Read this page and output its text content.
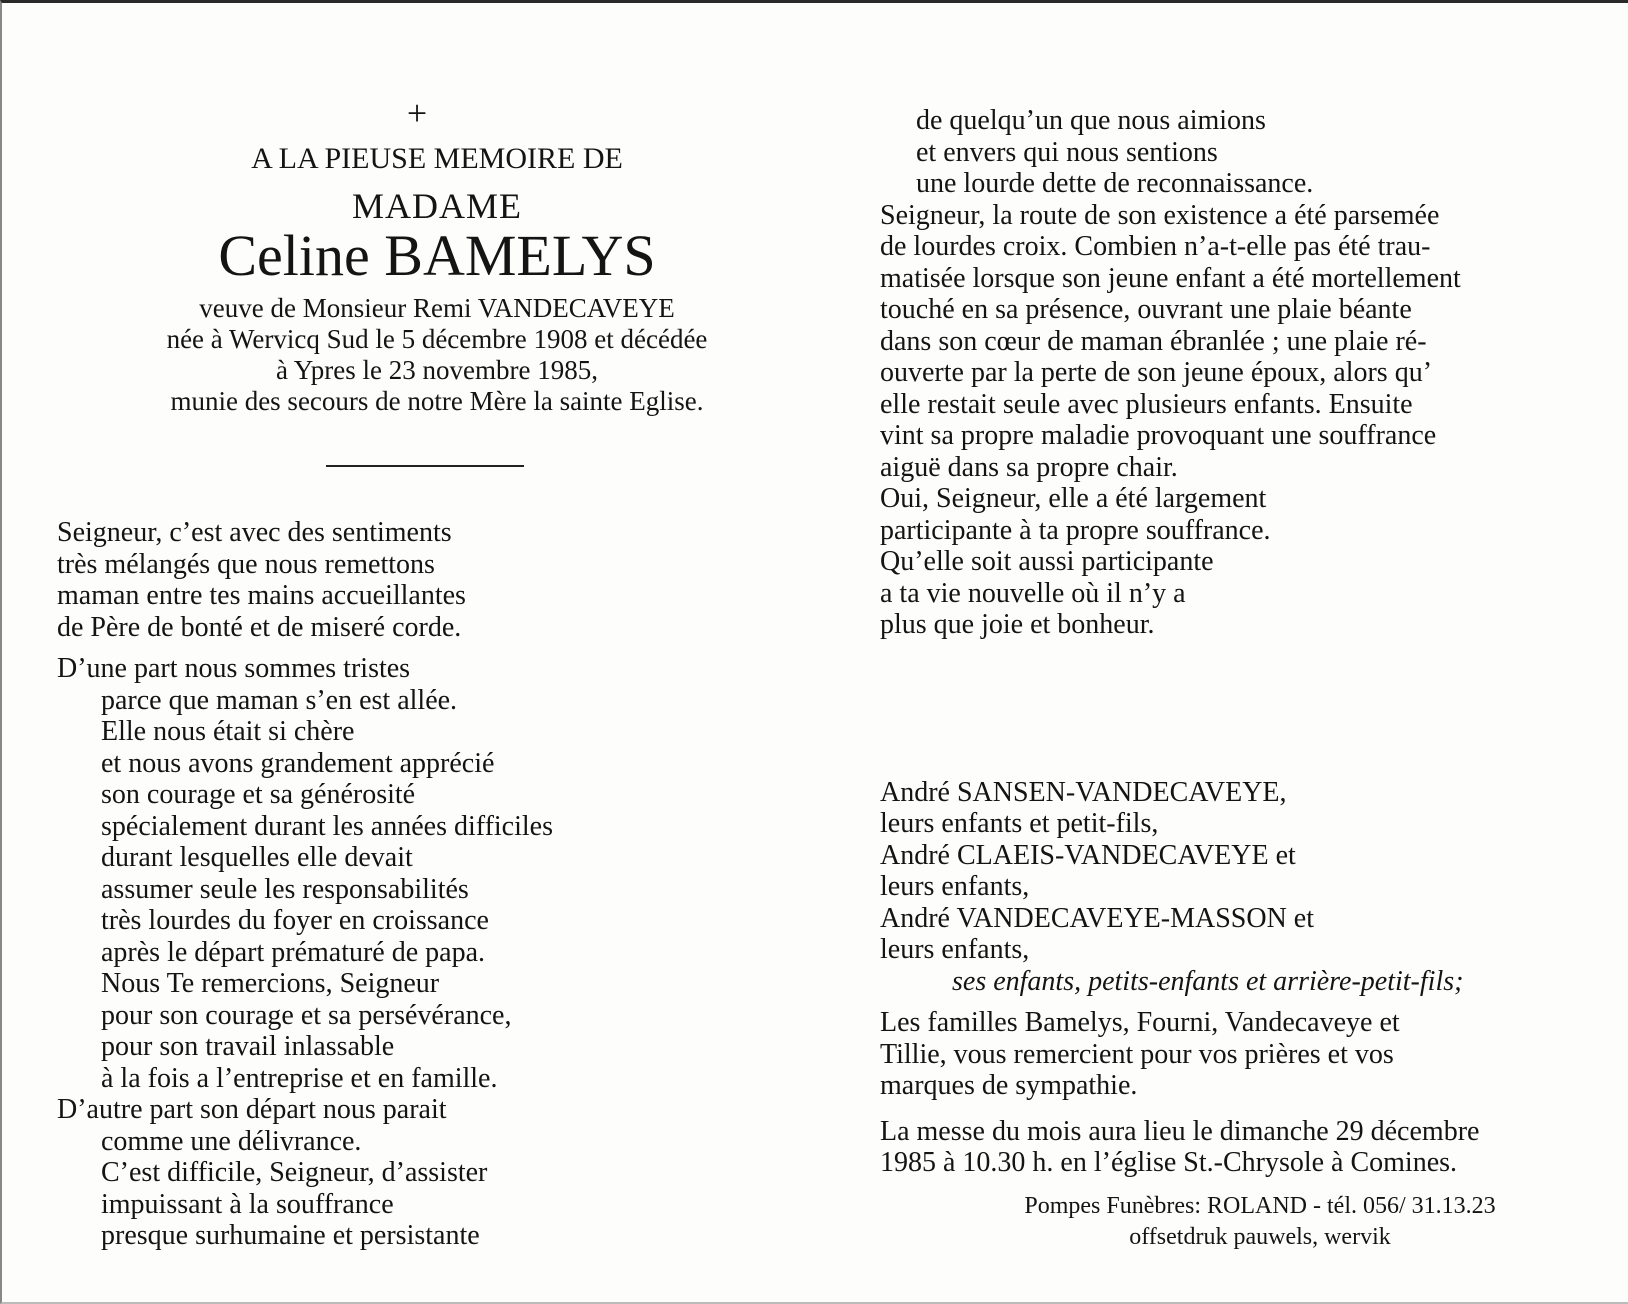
+
A LA PIEUSE MEMOIRE DE
MADAME
Celine BAMELYS
veuve de Monsieur Remi VANDECAVEYE
née à Wervicq Sud le 5 décembre 1908 et décédée
à Ypres le 23 novembre 1985,
munie des secours de notre Mère la sainte Eglise.
Seigneur, c’est avec des sentiments
très mélangés que nous remettons
maman entre tes mains accueillantes
de Père de bonté et de miseré corde.
D’une part nous sommes tristes
parce que maman s’en est allée.
Elle nous était si chère
et nous avons grandement apprécié
son courage et sa générosité
spécialement durant les années difficiles
durant lesquelles elle devait
assumer seule les responsabilités
très lourdes du foyer en croissance
après le départ prématuré de papa.
Nous Te remercions, Seigneur
pour son courage et sa persévérance,
pour son travail inlassable
à la fois a l’entreprise et en famille.
D’autre part son départ nous parait
comme une délivrance.
C’est difficile, Seigneur, d’assister
impuissant à la souffrance
presque surhumaine et persistante
de quelqu’un que nous aimions
et envers qui nous sentions
une lourde dette de reconnaissance.
Seigneur, la route de son existence a été parsemée
de lourdes croix. Combien n’a-t-elle pas été trau-
matisée lorsque son jeune enfant a été mortellement
touché en sa présence, ouvrant une plaie béante
dans son cœur de maman ébranlée ; une plaie ré-
ouverte par la perte de son jeune époux, alors qu’
elle restait seule avec plusieurs enfants. Ensuite
vint sa propre maladie provoquant une souffrance
aiguë dans sa propre chair.
Oui, Seigneur, elle a été largement
participante à ta propre souffrance.
Qu’elle soit aussi participante
a ta vie nouvelle où il n’y a
plus que joie et bonheur.
André SANSEN-VANDECAVEYE,
leurs enfants et petit-fils,
André CLAEIS-VANDECAVEYE et
leurs enfants,
André VANDECAVEYE-MASSON et
leurs enfants,
ses enfants, petits-enfants et arrière-petit-fils;
Les familles Bamelys, Fourni, Vandecaveye et
Tillie, vous remercient pour vos prières et vos
marques de sympathie.
La messe du mois aura lieu le dimanche 29 décembre
1985 à 10.30 h. en l’église St.-Chrysole à Comines.
Pompes Funèbres: ROLAND - tél. 056/ 31.13.23
offsetdruk pauwels, wervik
